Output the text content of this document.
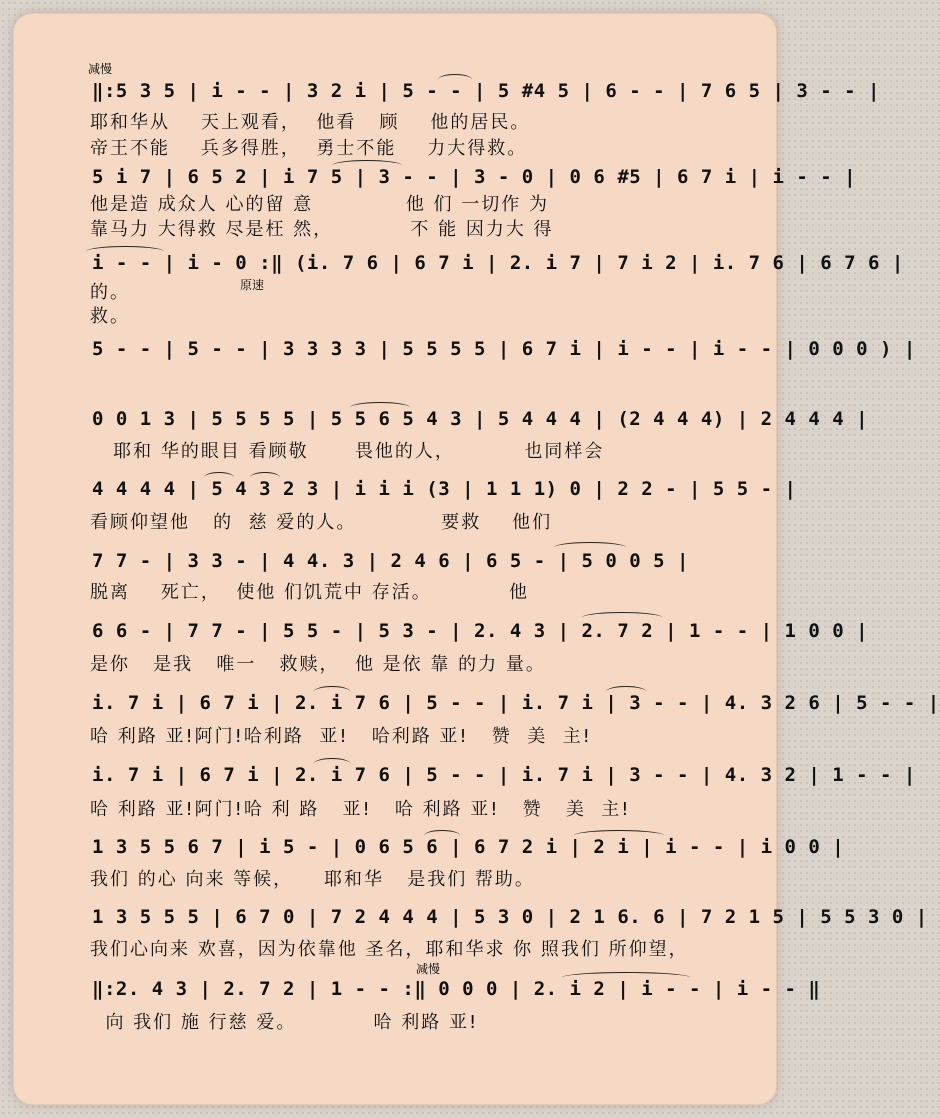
减慢
原速
减慢
‖:5 3 5 | i - - | 3 2 i | 5 - - | 5 #4 5 | 6 - - | 7 6 5 | 3 - - |
耶和华从    天上观看，  他看   顾    他的居民。
帝王不能    兵多得胜，  勇士不能    力大得救。
5 i 7 | 6 5 2 | i 7 5 | 3 - - | 3 - 0 | 0 6 #5 | 6 7 i | i - - |
他是造 成众人 心的留 意            他 们 一切作 为
靠马力 大得救 尽是枉 然，          不 能 因力大 得
i - - | i - 0 :‖ (i. 7 6 | 6 7 i | 2. i 7 | 7 i 2 | i. 7 6 | 6 7 6 |
的。
救。
5 - - | 5 - - | 3 3 3 3 | 5 5 5 5 | 6 7 i | i - - | i - - | 0 0 0 ) |
0 0 1 3 | 5 5 5 5 | 5 5 6 5 4 3 | 5 4 4 4 | (2 4 4 4) | 2 4 4 4 |
耶和 华的眼目 看顾敬      畏他的人，         也同样会
4 4 4 4 | 5 4 3 2 3 | i i i (3 | 1 1 1) 0 | 2 2 - | 5 5 - |
看顾仰望他   的  慈 爱的人。           要救    他们
7 7 - | 3 3 - | 4 4. 3 | 2 4 6 | 6 5 - | 5 0 0 5 |
脱离    死亡，  使他 们饥荒中 存活。          他
6 6 - | 7 7 - | 5 5 - | 5 3 - | 2. 4 3 | 2. 7 2 | 1 - - | 1 0 0 |
是你   是我   唯一   救赎，  他 是依 靠 的力 量。
i. 7 i | 6 7 i | 2. i 7 6 | 5 - - | i. 7 i | 3 - - | 4. 3 2 6 | 5 - - |
哈 利路 亚!阿门!哈利路  亚!   哈利路 亚!   赞  美  主!
i. 7 i | 6 7 i | 2. i 7 6 | 5 - - | i. 7 i | 3 - - | 4. 3 2 | 1 - - |
哈 利路 亚!阿门!哈 利 路   亚!   哈 利路 亚!   赞   美  主!
1 3 5 5 6 7 | i 5 - | 0 6 5 6 | 6 7 2 i | 2 i | i - - | i 0 0 |
我们 的心 向来 等候，    耶和华   是我们 帮助。
1 3 5 5 5 | 6 7 0 | 7 2 4 4 4 | 5 3 0 | 2 1 6. 6 | 7 2 1 5 | 5 5 3 0 |
我们心向来 欢喜，因为依靠他 圣名，耶和华求 你 照我们 所仰望，
‖:2. 4 3 | 2. 7 2 | 1 - - :‖ 0 0 0 | 2. i 2 | i - - | i - - ‖
向 我们 施 行慈 爱。          哈 利路 亚!
